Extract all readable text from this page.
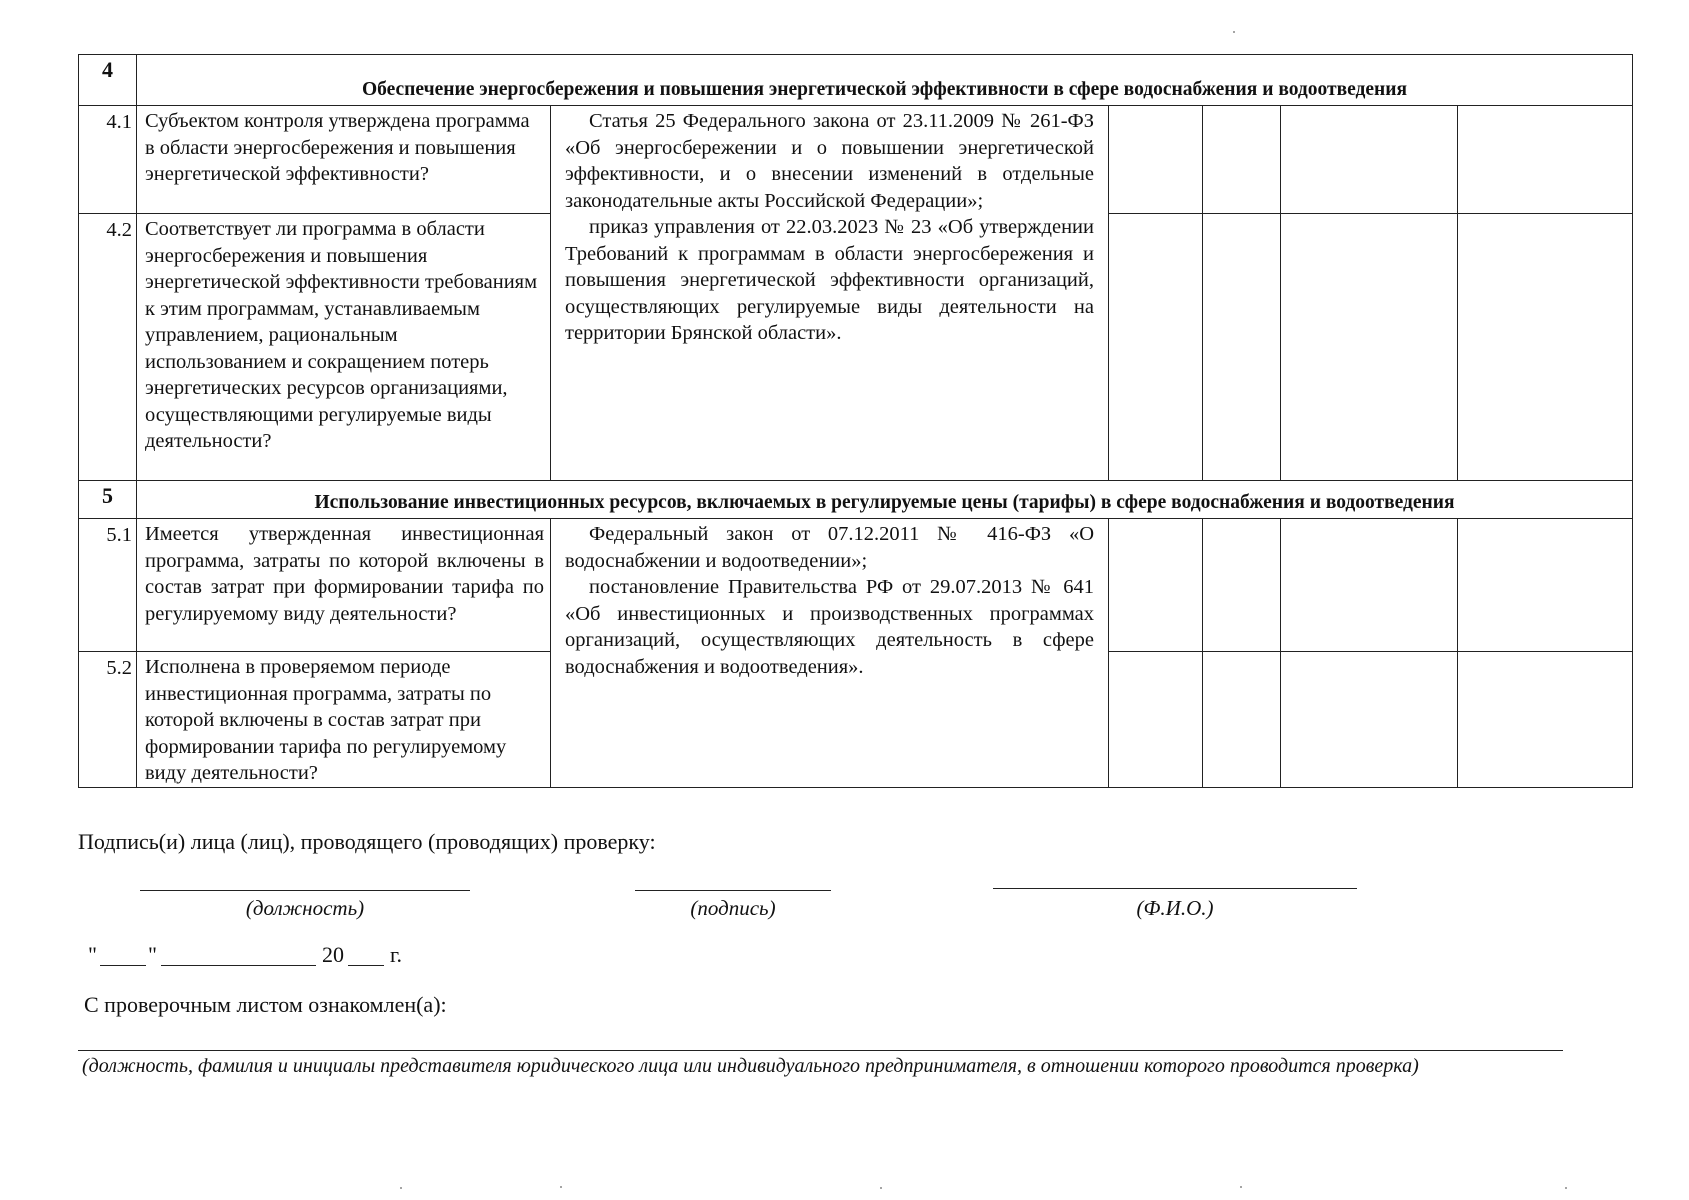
4	Обеспечение энергосбережения и повышения энергетической эффективности в сфере водоснабжения и водоотведения					
4.1	Субъектом контроля утверждена программа в области энергосбережения и повышения энергетической эффективности?	Статья 25 Федерального закона от 23.11.2009 № 261-ФЗ «Об энергосбережении и о повышении энергетической эффективности, и о внесении изменений в отдельные законодательные акты Российской Федерации»;

приказ управления от 22.03.2023 № 23 «Об утверждении Требований к программам в области энергосбережения и повышения энергетической эффективности организаций, осуществляющих регулируемые виды деятельности на территории Брянской области».				

4.2	Соответствует ли программа в области энергосбережения и повышения энергетической эффективности требованиям к этим программам, устанавливаемым управлением, рациональным использованием и сокращением потерь энергетических ресурсов организациями, осуществляющими регулируемые виды деятельности?					
5	Использование инвестиционных ресурсов, включаемых в регулируемые цены (тарифы) в сфере водоснабжения и водоотведения					
5.1	Имеется утвержденная инвестиционная программа, затраты по которой включены в состав затрат при формировании тарифа по регулируемому виду деятельности?	Федеральный закон от 07.12.2011 № 416-ФЗ «О водоснабжении и водоотведении»;

постановление Правительства РФ от 29.07.2013 № 641 «Об инвестиционных и производственных программах организаций, осуществляющих деятельность в сфере водоснабжения и водоотведения».				

5.2	Исполнена в проверяемом периоде инвестиционная программа, затраты по которой включены в состав затрат при формировании тарифа по регулируемому виду деятельности?					
Подпись(и) лица (лиц), проводящего (проводящих) проверку:
(должность)	(подпись)	(Ф.И.О.)
" "	20 г.
С проверочным листом ознакомлен(а):
(должность, фамилия и инициалы представителя юридического лица или индивидуального предпринимателя, в отношении которого проводится проверка)
